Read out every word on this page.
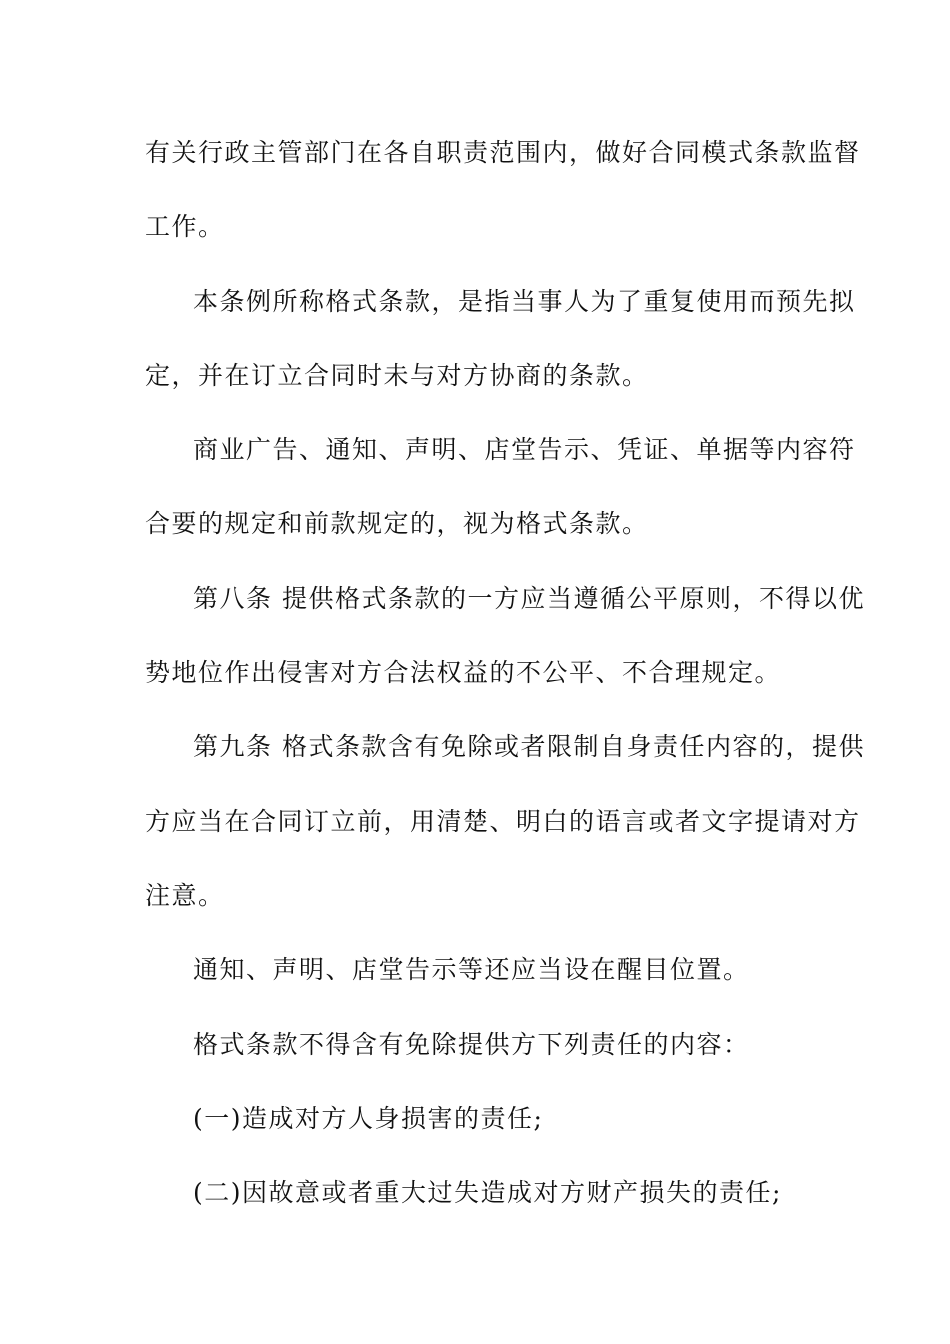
有关行政主管部门在各自职责范围内，做好合同模式条款监督
工作。
本条例所称格式条款，是指当事人为了重复使用而预先拟
定，并在订立合同时未与对方协商的条款。
商业广告、通知、声明、店堂告示、凭证、单据等内容符
合要的规定和前款规定的，视为格式条款。
第八条 提供格式条款的一方应当遵循公平原则，不得以优
势地位作出侵害对方合法权益的不公平、不合理规定。
第九条 格式条款含有免除或者限制自身责任内容的，提供
方应当在合同订立前，用清楚、明白的语言或者文字提请对方
注意。
通知、声明、店堂告示等还应当设在醒目位置。
格式条款不得含有免除提供方下列责任的内容：
(一)造成对方人身损害的责任;
(二)因故意或者重大过失造成对方财产损失的责任;
